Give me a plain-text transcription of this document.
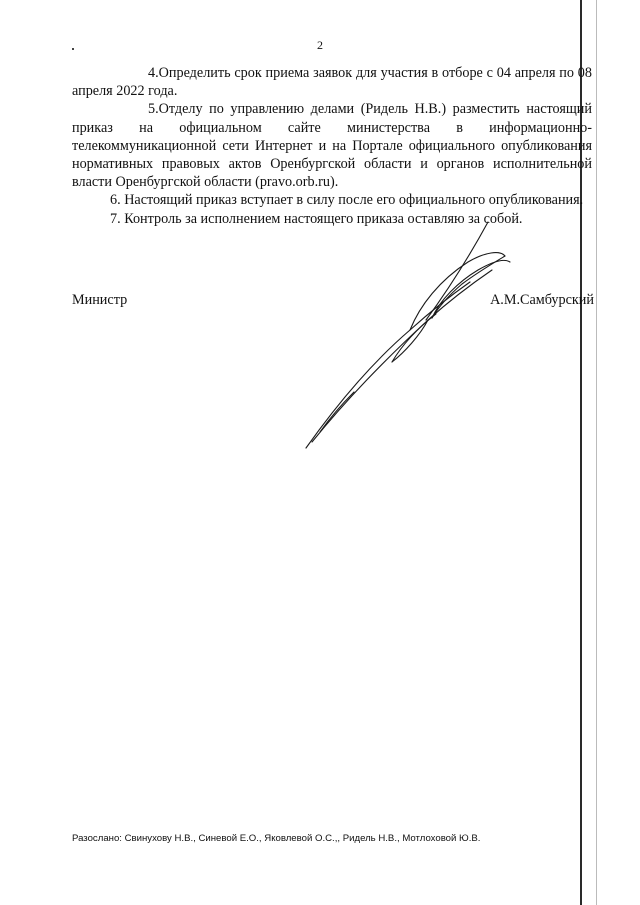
2

4.Определить срок приема заявок для участия в отборе с 04 апреля по 08 апреля 2022 года.

5.Отделу по управлению делами (Ридель Н.В.) разместить настоящий приказ на официальном сайте министерства в информационно-телекоммуникационной сети Интернет и на Портале официального опубликования нормативных правовых актов Оренбургской области и органов исполнительной власти Оренбургской области (pravo.orb.ru).

6. Настоящий приказ вступает в силу после его официального опубликования.

7. Контроль за исполнением настоящего приказа оставляю за собой.

Министр	А.М.Самбурский
Разослано: Свинухову Н.В., Синевой Е.О., Яковлевой О.С.,, Ридель Н.В., Мотлоховой Ю.В.
